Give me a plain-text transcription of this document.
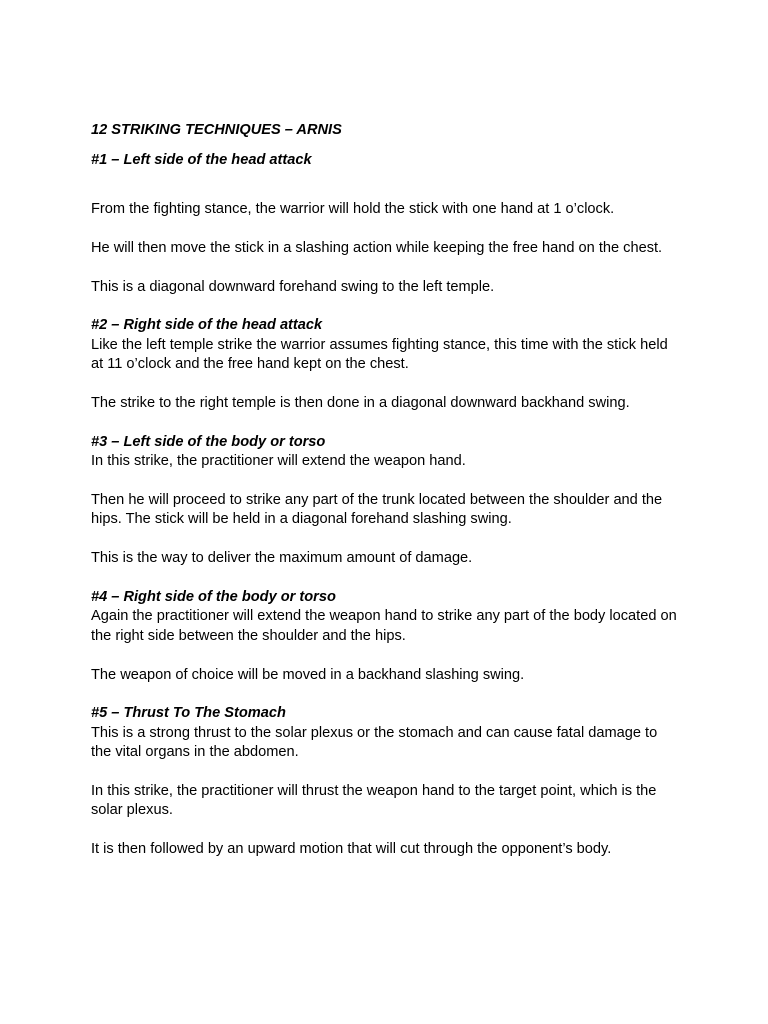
12 STRIKING TECHNIQUES – ARNIS

#1 – Left side of the head attack

From the fighting stance, the warrior will hold the stick with one hand at 1 o’clock.

He will then move the stick in a slashing action while keeping the free hand on the chest.

This is a diagonal downward forehand swing to the left temple.

#2 – Right side of the head attack

Like the left temple strike the warrior assumes fighting stance, this time with the stick held at 11 o’clock and the free hand kept on the chest.

The strike to the right temple is then done in a diagonal downward backhand swing.

#3 – Left side of the body or torso

In this strike, the practitioner will extend the weapon hand.

Then he will proceed to strike any part of the trunk located between the shoulder and the hips. The stick will be held in a diagonal forehand slashing swing.

This is the way to deliver the maximum amount of damage.

#4 – Right side of the body or torso

Again the practitioner will extend the weapon hand to strike any part of the body located on the right side between the shoulder and the hips.

The weapon of choice will be moved in a backhand slashing swing.

#5 – Thrust To The Stomach

This is a strong thrust to the solar plexus or the stomach and can cause fatal damage to the vital organs in the abdomen.

In this strike, the practitioner will thrust the weapon hand to the target point, which is the solar plexus.

It is then followed by an upward motion that will cut through the opponent’s body.
